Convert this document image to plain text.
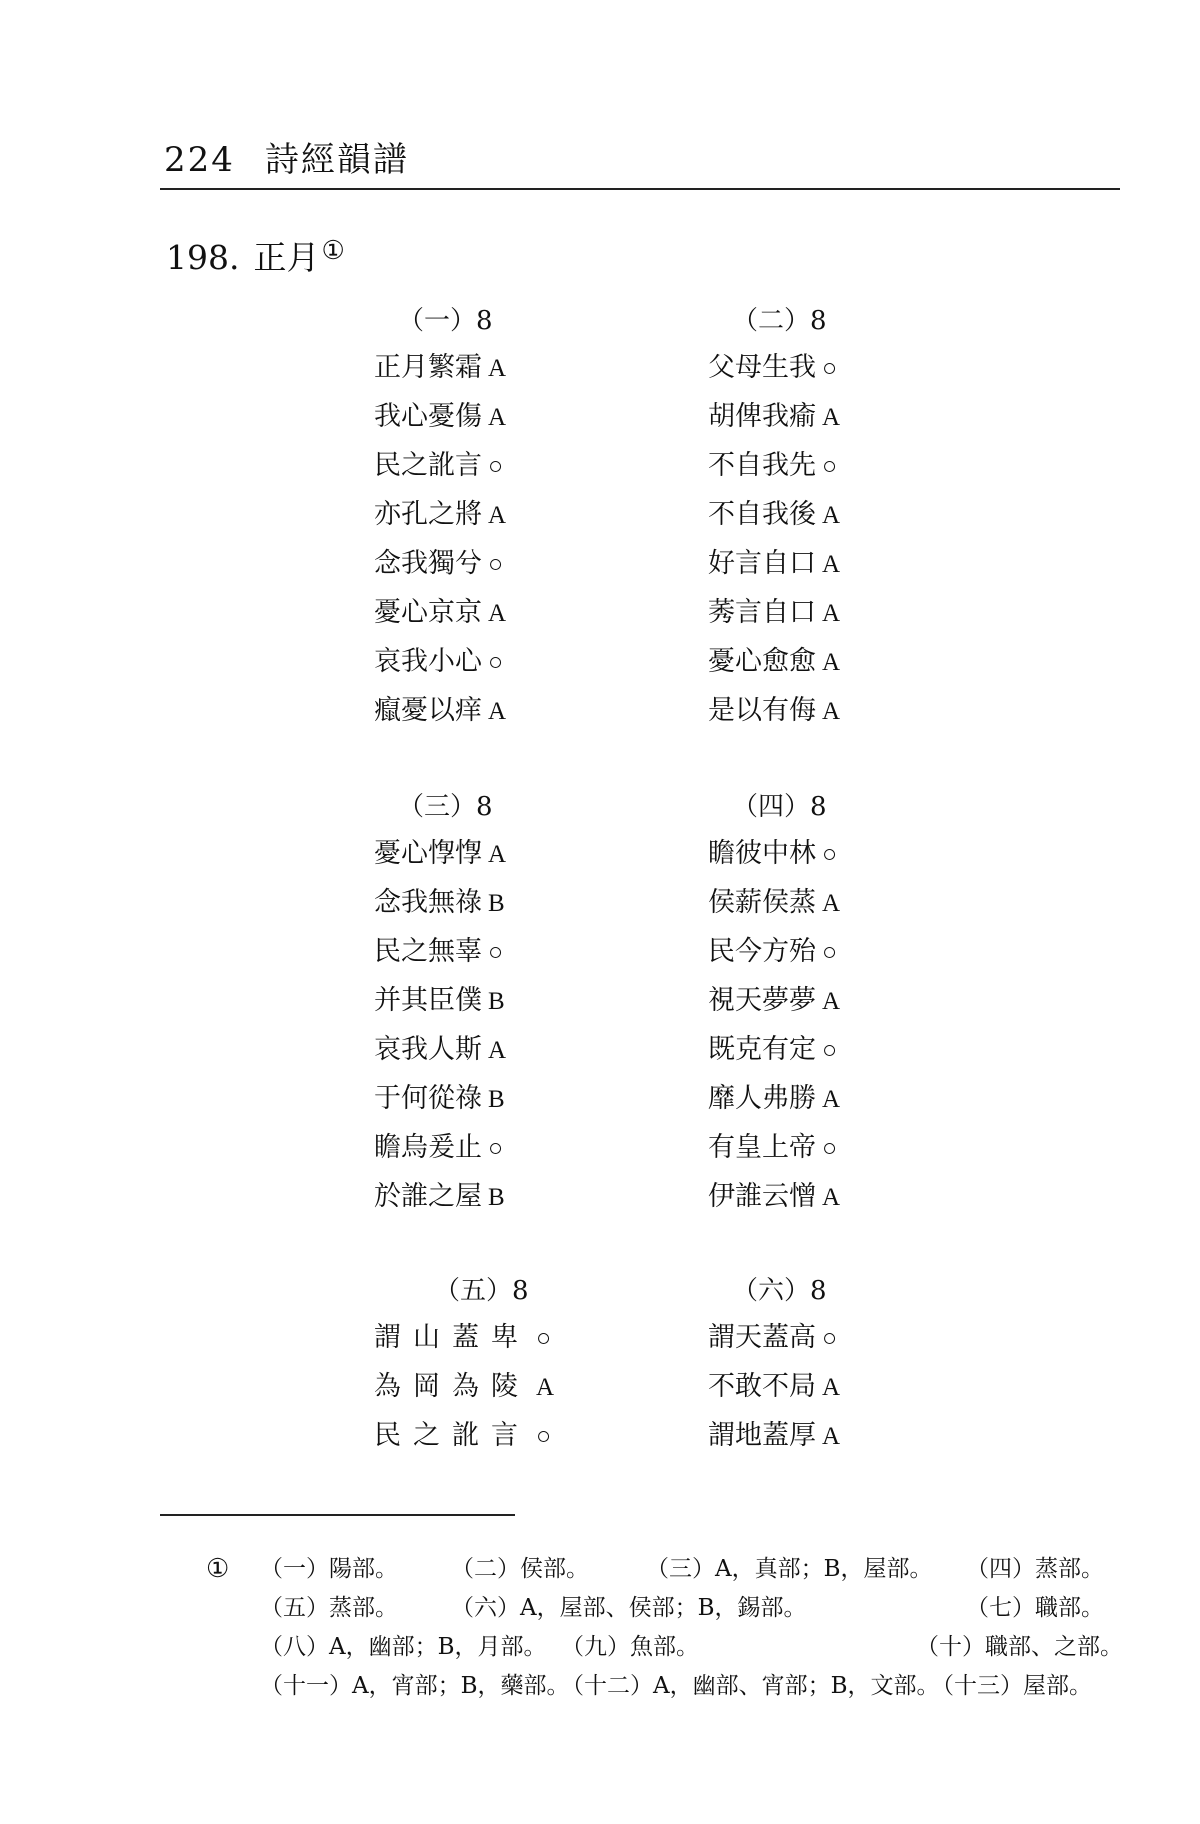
224 詩經韻譜
198. 正月①
（一）8
正月繁霜 A
我心憂傷 A
民之訛言 ○
亦孔之將 A
念我獨兮 ○
憂心京京 A
哀我小心 ○
癙憂以痒 A
（二）8
父母生我 ○
胡俾我瘉 A
不自我先 ○
不自我後 A
好言自口 A
莠言自口 A
憂心愈愈 A
是以有侮 A
（三）8
憂心惸惸 A
念我無祿 B
民之無辜 ○
并其臣僕 B
哀我人斯 A
于何從祿 B
瞻烏爰止 ○
於誰之屋 B
（四）8
瞻彼中林 ○
侯薪侯蒸 A
民今方殆 ○
視天夢夢 A
既克有定 ○
靡人弗勝 A
有皇上帝 ○
伊誰云憎 A
（五）8
謂山蓋卑 ○
為岡為陵 A
民之訛言 ○
（六）8
謂天蓋高 ○
不敢不局 A
謂地蓋厚 A
① （一）陽部。 （二）侯部。 （三）A，真部；B，屋部。 （四）蒸部。
（五）蒸部。 （六）A，屋部、侯部；B，錫部。	（七）職部。
（八）A，幽部；B，月部。 （九）魚部。	（十）職部、之部。
（十一）A，宵部；B，藥部。
（十二）A，幽部、宵部；B，文部。
（十三）屋部。
